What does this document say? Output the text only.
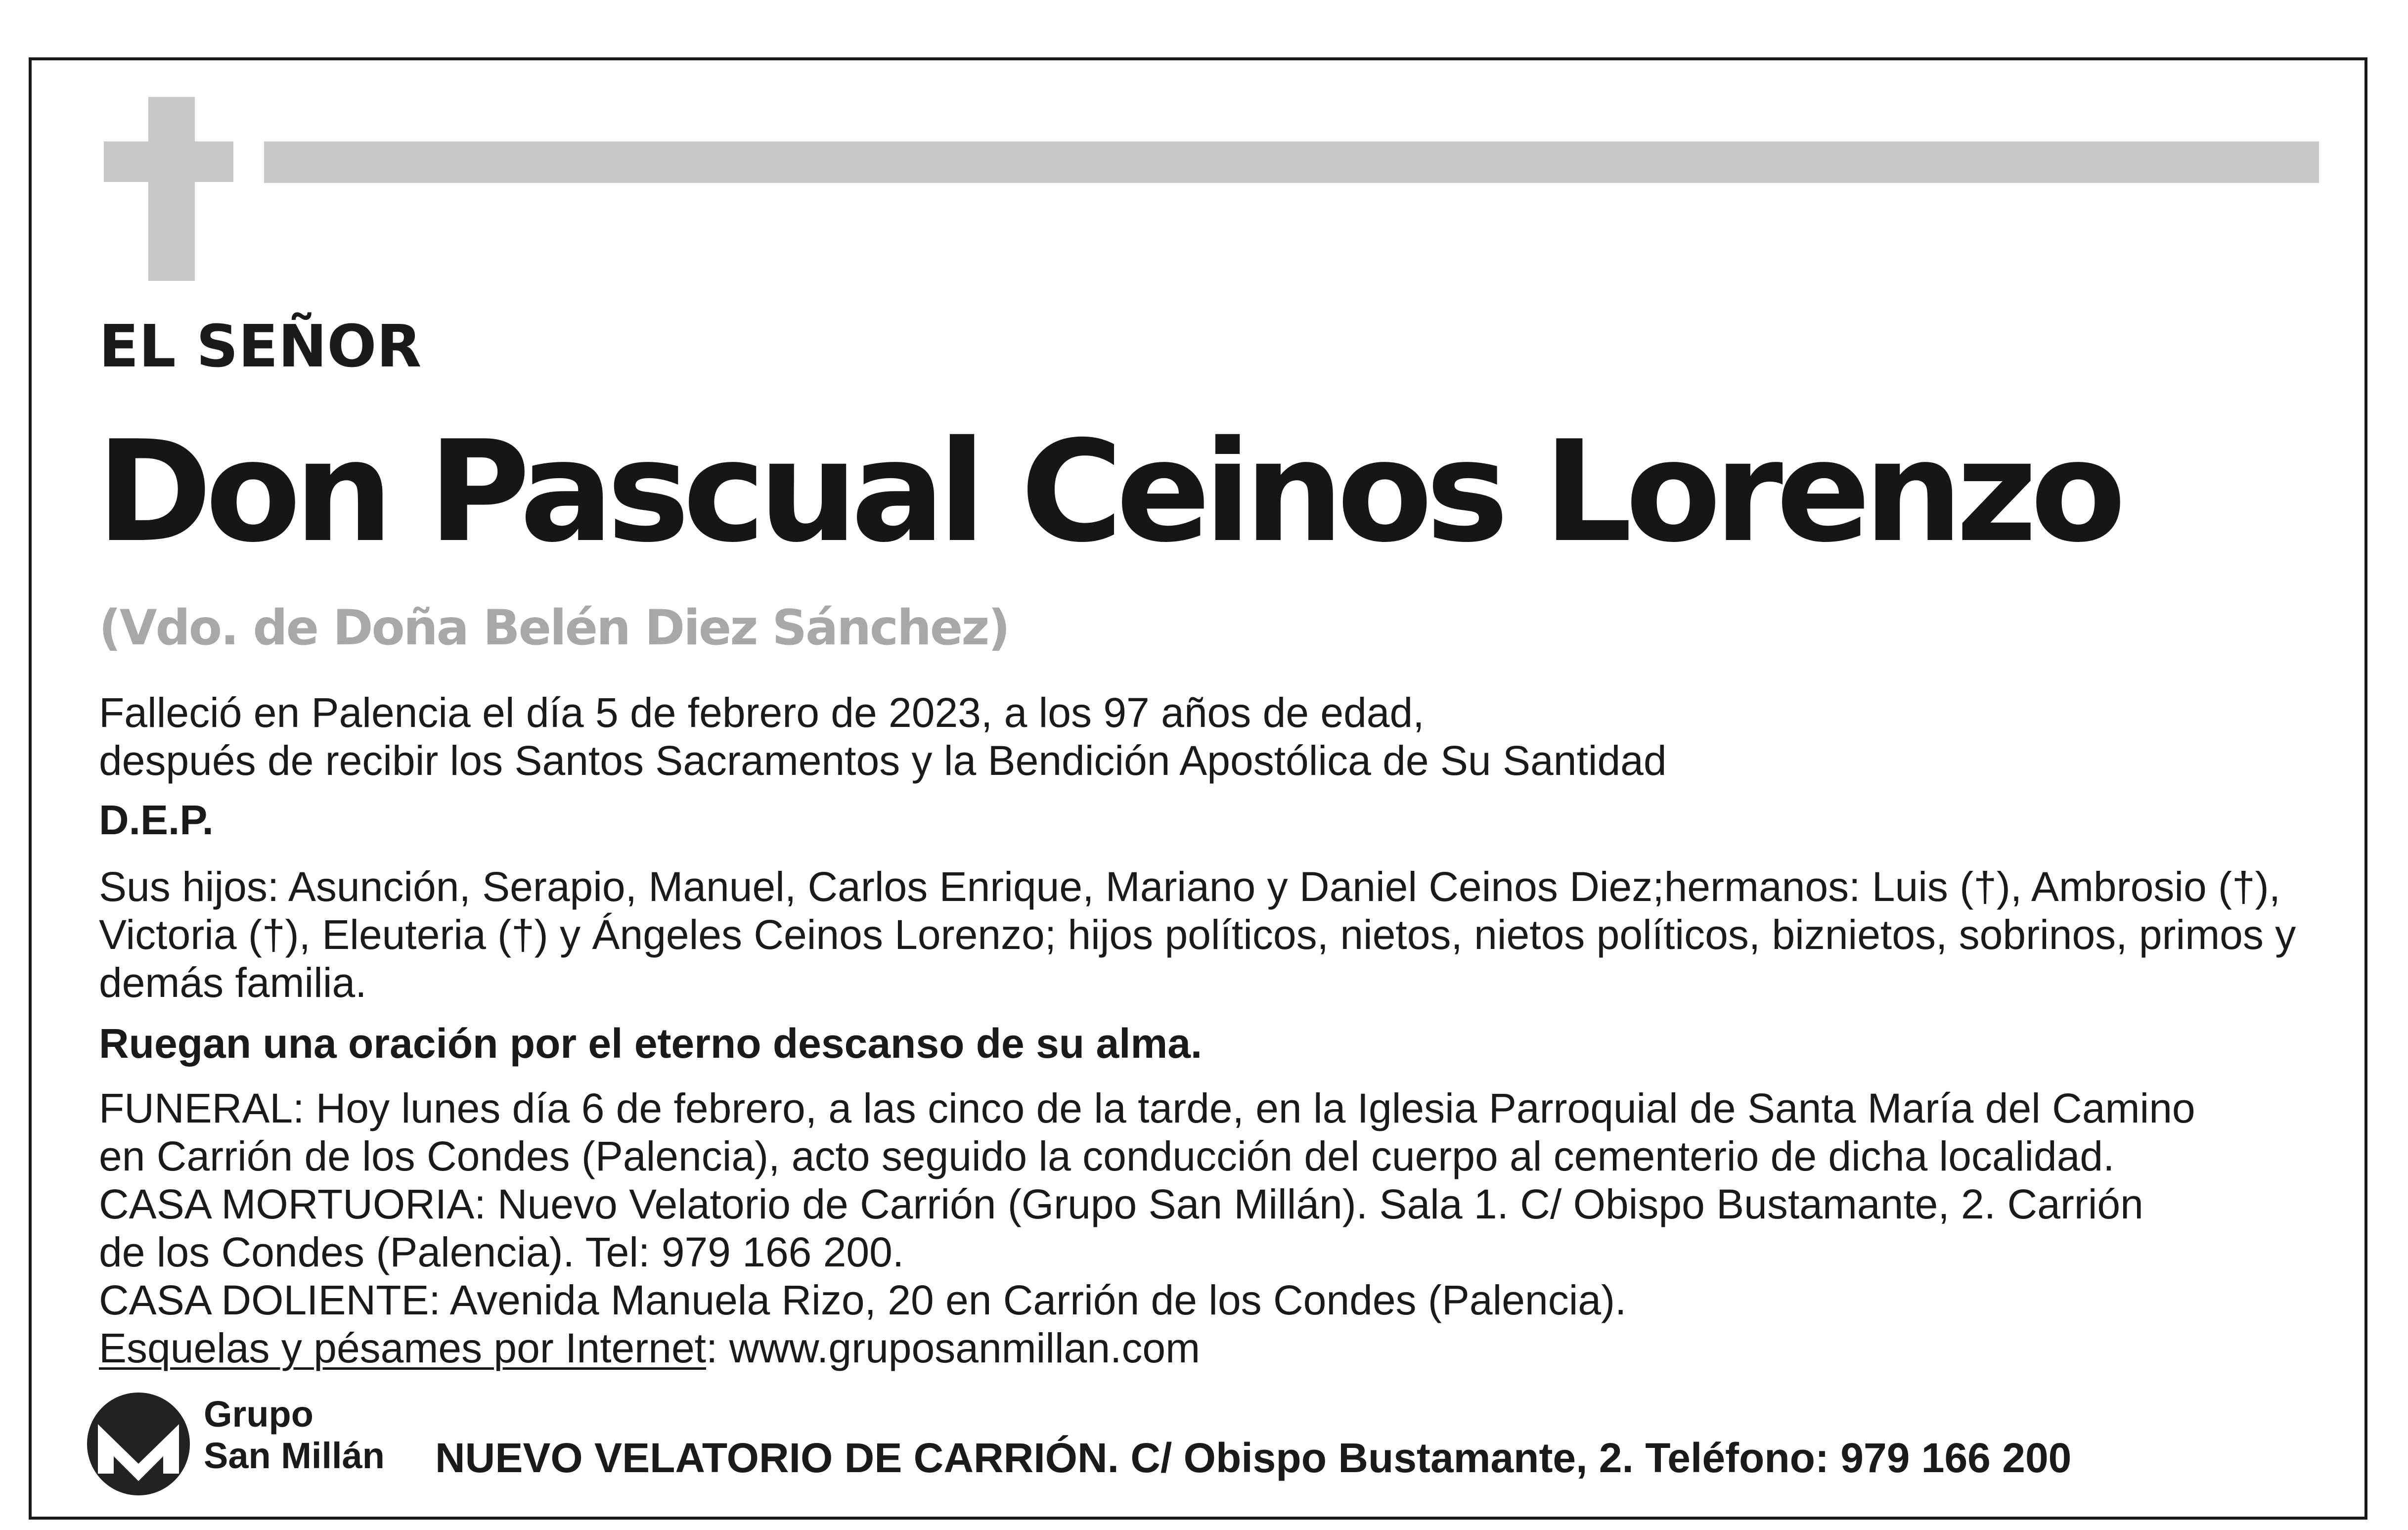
EL SEÑOR
Don Pascual Ceinos Lorenzo
(Vdo. de Doña Belén Diez Sánchez)
Falleció en Palencia el día 5 de febrero de 2023, a los 97 años de edad,
después de recibir los Santos Sacramentos y la Bendición Apostólica de Su Santidad
D.E.P.
Sus hijos: Asunción, Serapio, Manuel, Carlos Enrique, Mariano y Daniel Ceinos Diez;hermanos: Luis (†), Ambrosio (†), Victoria (†), Eleuteria (†) y Ángeles Ceinos Lorenzo; hijos políticos, nietos, nietos políticos, biznietos, sobrinos, primos y demás familia.
Ruegan una oración por el eterno descanso de su alma.
FUNERAL: Hoy lunes día 6 de febrero, a las cinco de la tarde, en la Iglesia Parroquial de Santa María del Camino
en Carrión de los Condes (Palencia), acto seguido la conducción del cuerpo al cementerio de dicha localidad.
CASA MORTUORIA: Nuevo Velatorio de Carrión (Grupo San Millán). Sala 1. C/ Obispo Bustamante, 2. Carrión
de los Condes (Palencia). Tel: 979 166 200.
CASA DOLIENTE: Avenida Manuela Rizo, 20 en Carrión de los Condes (Palencia).
Esquelas y pésames por Internet: www.gruposanmillan.com
Grupo
San Millán NUEVO VELATORIO DE CARRIÓN. C/ Obispo Bustamante, 2. Teléfono: 979 166 200
